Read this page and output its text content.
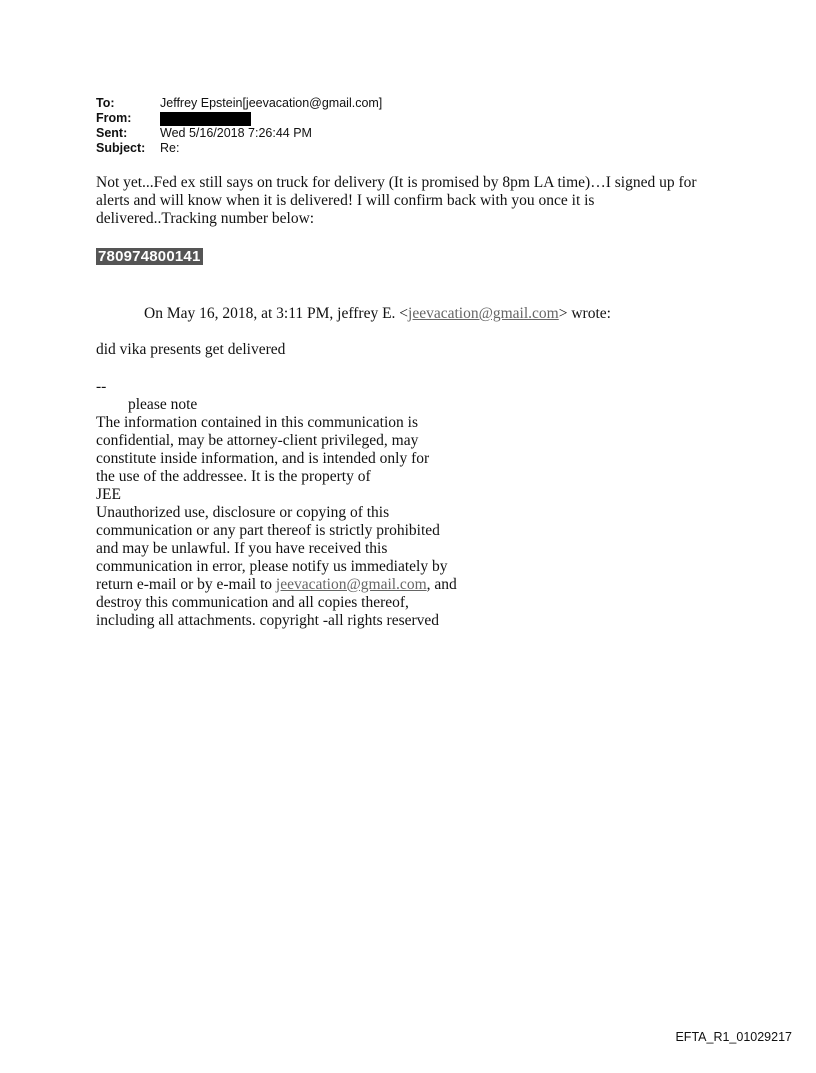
To:	Jeffrey Epstein[jeevacation@gmail.com]
From:
Sent:	Wed 5/16/2018 7:26:44 PM
Subject:	Re:

Not yet...Fed ex still says on truck for delivery (It is promised by 8pm LA time)…I signed up for

alerts and will know when it is delivered! I will confirm back with you once it is

delivered..Tracking number below:

780974800141
On May 16, 2018, at 3:11 PM, jeffrey E. <jeevacation@gmail.com> wrote:
did vika presents get delivered
--
please note
The information contained in this communication is
confidential, may be attorney-client privileged, may
constitute inside information, and is intended only for
the use of the addressee. It is the property of
JEE
Unauthorized use, disclosure or copying of this
communication or any part thereof is strictly prohibited
and may be unlawful. If you have received this
communication in error, please notify us immediately by
return e-mail or by e-mail to jeevacation@gmail.com, and
destroy this communication and all copies thereof,
including all attachments. copyright -all rights reserved
EFTA_R1_01029217
